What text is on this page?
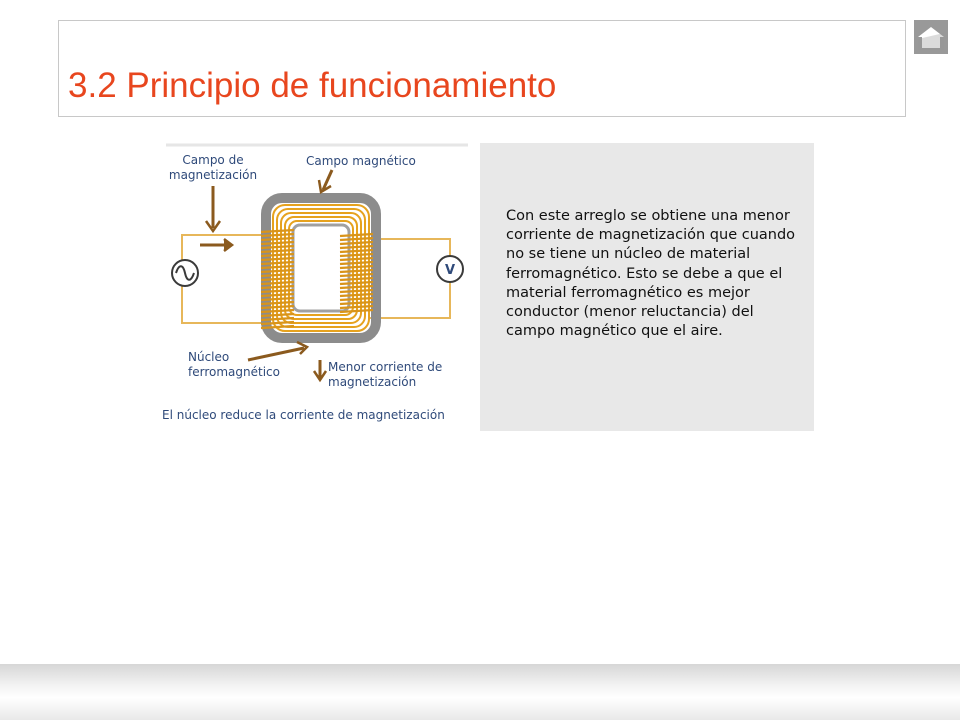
3.2 Principio de funcionamiento
V
Campo de
magnetización
Campo magnético
Núcleo
ferromagnético	Menor corriente de
magnetización
El núcleo reduce la corriente de magnetización
Con este arreglo se obtiene una menor corriente de magnetización que cuando no se tiene un núcleo de material ferromagnético. Esto se debe a que el material ferromagnético es mejor conductor (menor reluctancia) del campo magnético que el aire.
